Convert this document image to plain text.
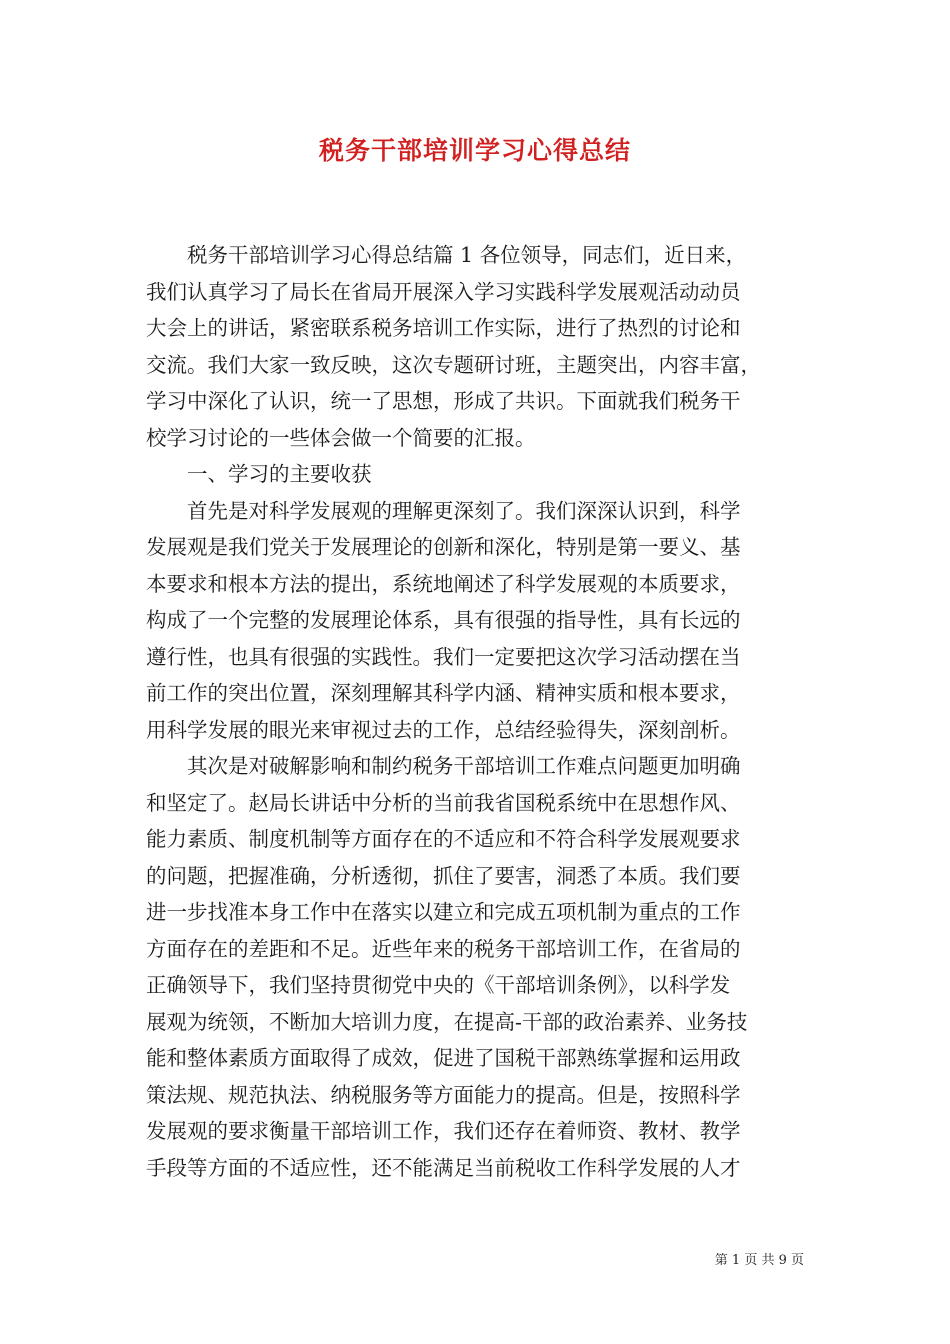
税务干部培训学习心得总结
　　税务干部培训学习心得总结篇 1 各位领导，同志们，近日来，
我们认真学习了局长在省局开展深入学习实践科学发展观活动动员
大会上的讲话，紧密联系税务培训工作实际，进行了热烈的讨论和
交流。我们大家一致反映，这次专题研讨班，主题突出，内容丰富，
学习中深化了认识，统一了思想，形成了共识。下面就我们税务干
校学习讨论的一些体会做一个简要的汇报。
　　一、学习的主要收获
　　首先是对科学发展观的理解更深刻了。我们深深认识到，科学
发展观是我们党关于发展理论的创新和深化，特别是第一要义、基
本要求和根本方法的提出，系统地阐述了科学发展观的本质要求，
构成了一个完整的发展理论体系，具有很强的指导性，具有长远的
遵行性，也具有很强的实践性。我们一定要把这次学习活动摆在当
前工作的突出位置，深刻理解其科学内涵、精神实质和根本要求，
用科学发展的眼光来审视过去的工作，总结经验得失，深刻剖析。
　　其次是对破解影响和制约税务干部培训工作难点问题更加明确
和坚定了。赵局长讲话中分析的当前我省国税系统中在思想作风、
能力素质、制度机制等方面存在的不适应和不符合科学发展观要求
的问题，把握准确，分析透彻，抓住了要害，洞悉了本质。我们要
进一步找准本身工作中在落实以建立和完成五项机制为重点的工作
方面存在的差距和不足。近些年来的税务干部培训工作，在省局的
正确领导下，我们坚持贯彻党中央的《干部培训条例》，以科学发
展观为统领，不断加大培训力度，在提高-干部的政治素养、业务技
能和整体素质方面取得了成效，促进了国税干部熟练掌握和运用政
策法规、规范执法、纳税服务等方面能力的提高。但是，按照科学
发展观的要求衡量干部培训工作，我们还存在着师资、教材、教学
手段等方面的不适应性，还不能满足当前税收工作科学发展的人才
第 1 页 共 9 页
